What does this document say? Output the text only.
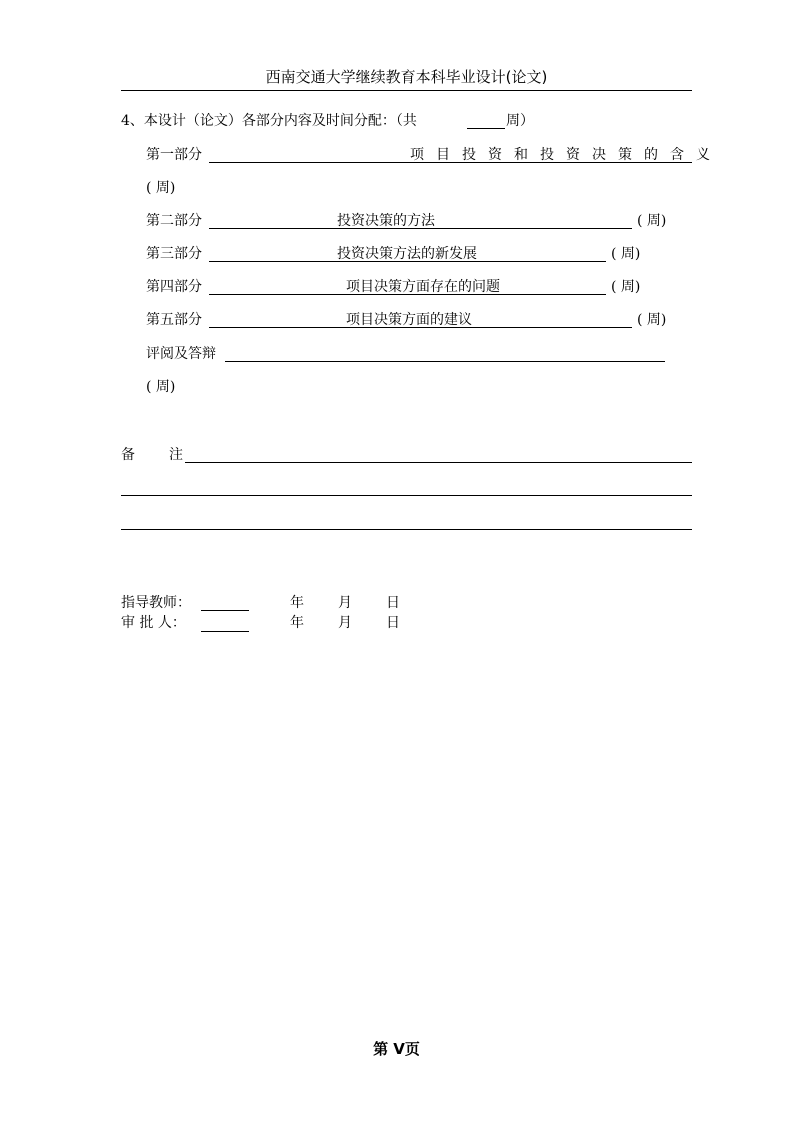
西南交通大学继续教育本科毕业设计(论文)
4、本设计（论文）各部分内容及时间分配：（共	周）
第一部分	项目投资和投资决策的含义
( 周)
第二部分	投资决策的方法	( 周)
第三部分	投资决策方法的新发展	( 周)
第四部分	项目决策方面存在的问题	( 周)
第五部分	项目决策方面的建议	( 周)
评阅及答辩
( 周)
备 注
指导教师：	年 月 日
审 批 人：	年 月 日
第 V页
